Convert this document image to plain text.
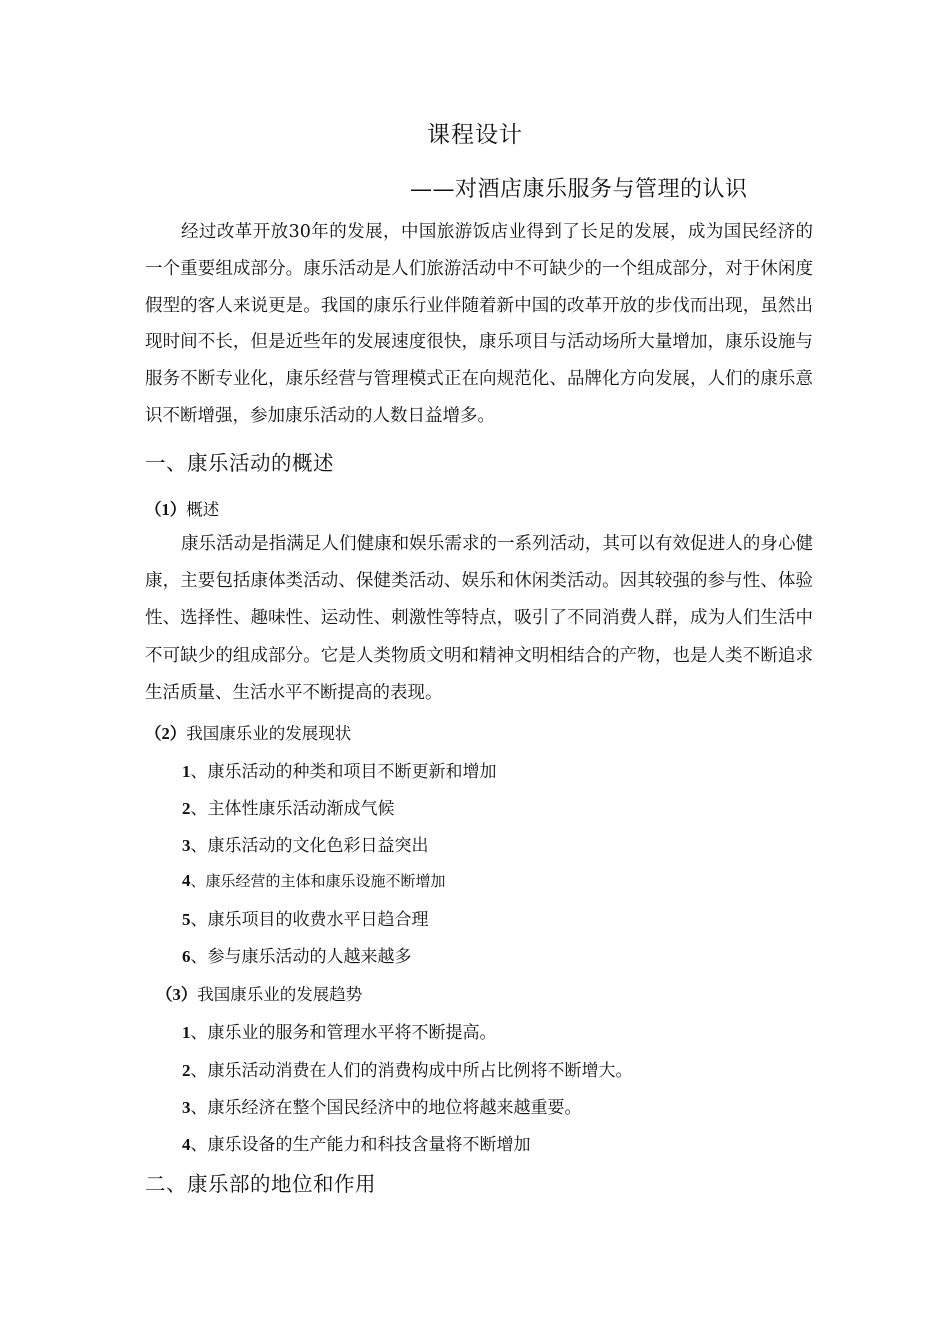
课程设计
——对酒店康乐服务与管理的认识

经过改革开放30年的发展，中国旅游饭店业得到了长足的发展，成为国民经济的一个重要组成部分。康乐活动是人们旅游活动中不可缺少的一个组成部分，对于休闲度假型的客人来说更是。我国的康乐行业伴随着新中国的改革开放的步伐而出现，虽然出现时间不长，但是近些年的发展速度很快，康乐项目与活动场所大量增加，康乐设施与服务不断专业化，康乐经营与管理模式正在向规范化、品牌化方向发展，人们的康乐意识不断增强，参加康乐活动的人数日益增多。

一、康乐活动的概述
（1）概述

康乐活动是指满足人们健康和娱乐需求的一系列活动，其可以有效促进人的身心健康，主要包括康体类活动、保健类活动、娱乐和休闲类活动。因其较强的参与性、体验性、选择性、趣味性、运动性、刺激性等特点，吸引了不同消费人群，成为人们生活中不可缺少的组成部分。它是人类物质文明和精神文明相结合的产物，也是人类不断追求生活质量、生活水平不断提高的表现。

（2）我国康乐业的发展现状
1、康乐活动的种类和项目不断更新和增加
2、主体性康乐活动渐成气候
3、康乐活动的文化色彩日益突出
4、康乐经营的主体和康乐设施不断增加
5、康乐项目的收费水平日趋合理
6、参与康乐活动的人越来越多
（3）我国康乐业的发展趋势
1、康乐业的服务和管理水平将不断提高。
2、康乐活动消费在人们的消费构成中所占比例将不断增大。
3、康乐经济在整个国民经济中的地位将越来越重要。
4、康乐设备的生产能力和科技含量将不断增加
二、康乐部的地位和作用
